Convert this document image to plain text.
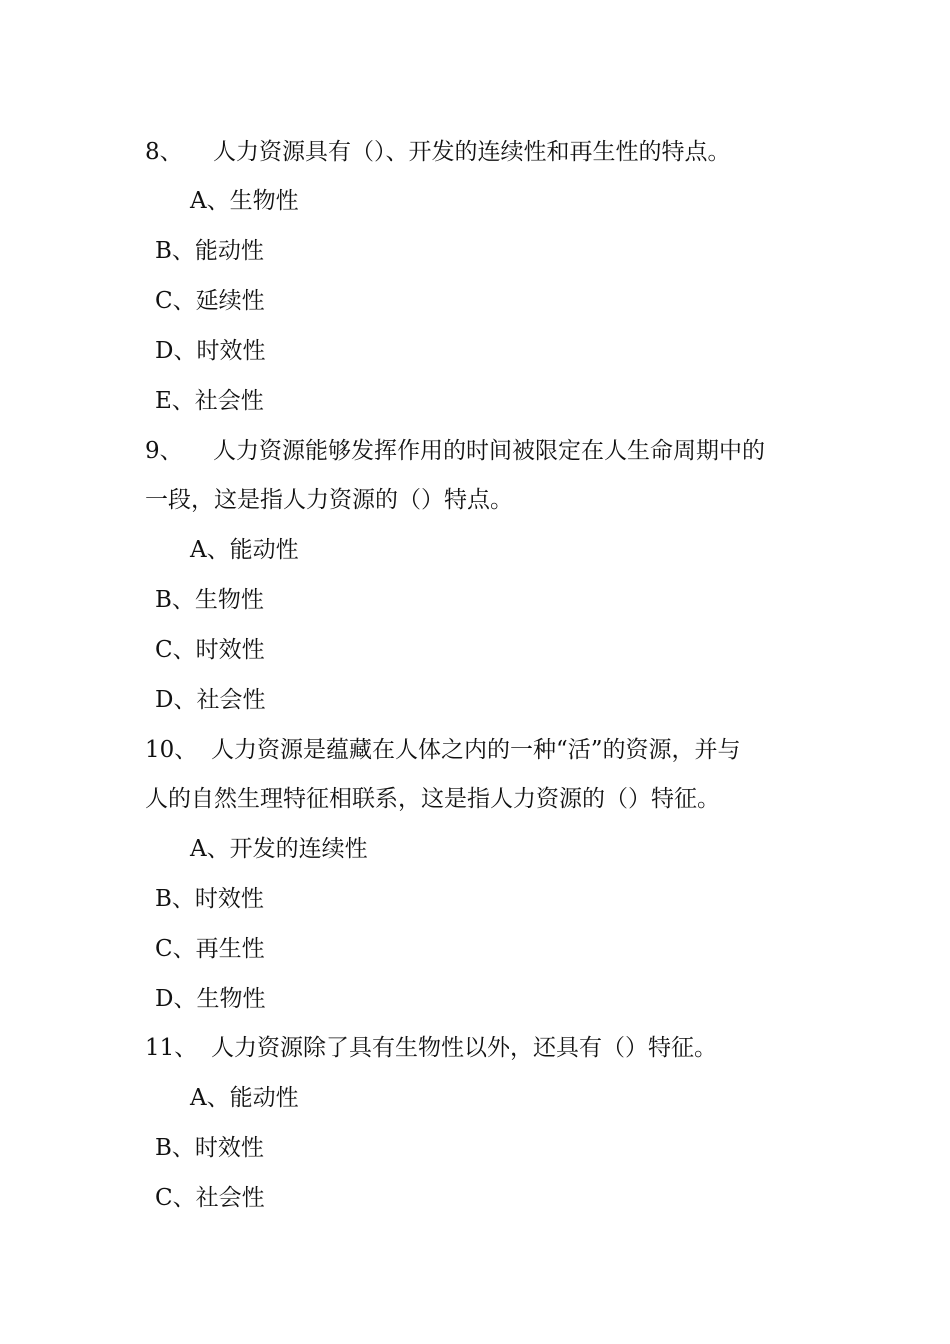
8、 人力资源具有（）、开发的连续性和再生性的特点。
A、生物性
B、能动性
C、延续性
D、时效性
E、社会性
9、 人力资源能够发挥作用的时间被限定在人生命周期中的
一段，这是指人力资源的（）特点。
A、能动性
B、生物性
C、时效性
D、社会性
10、 人力资源是蕴藏在人体之内的一种“活”的资源，并与
人的自然生理特征相联系，这是指人力资源的（）特征。
A、开发的连续性
B、时效性
C、再生性
D、生物性
11、 人力资源除了具有生物性以外，还具有（）特征。
A、能动性
B、时效性
C、社会性
